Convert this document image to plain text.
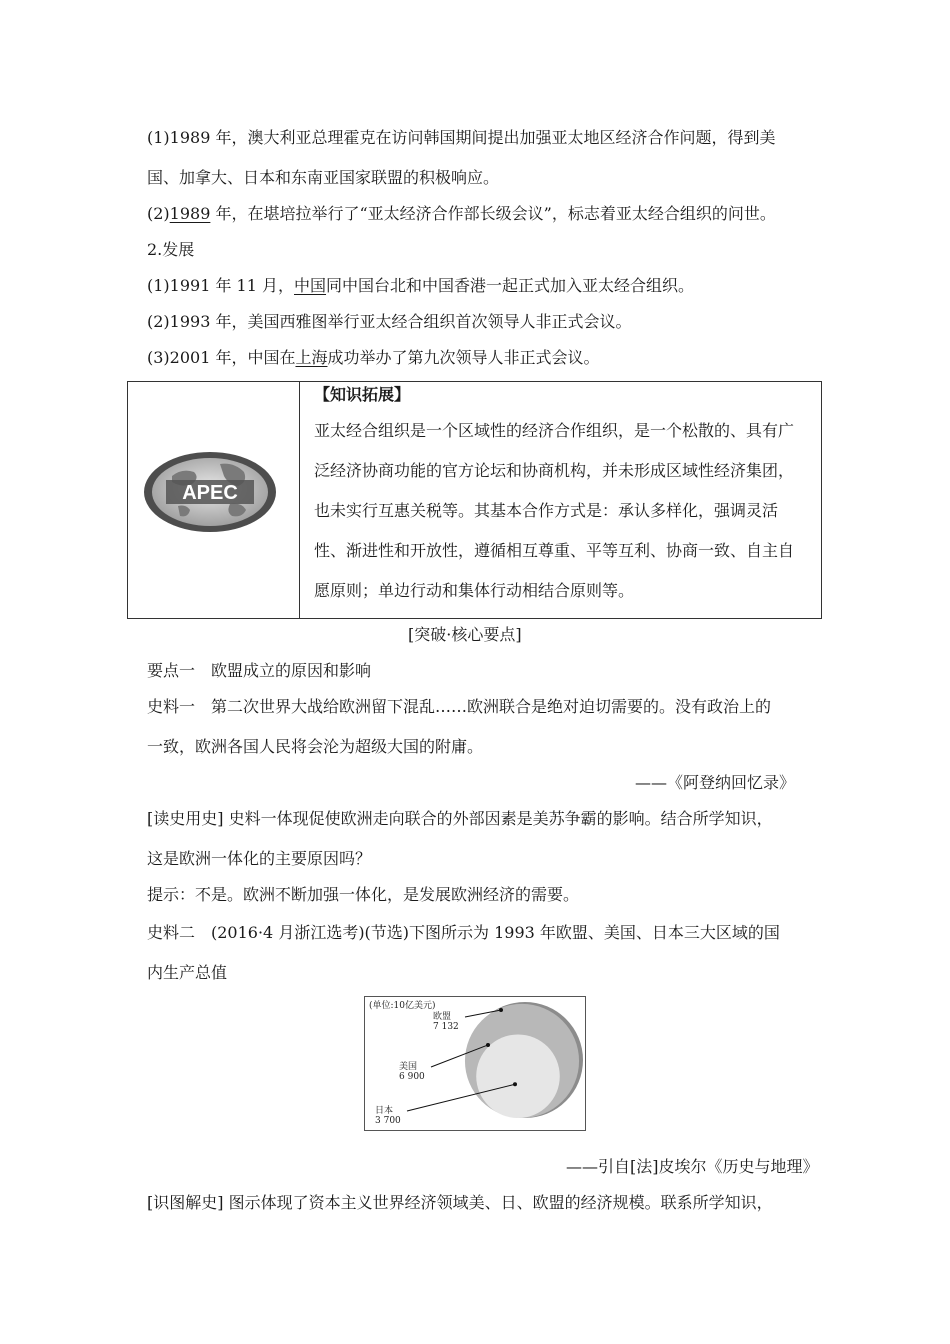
(1)1989 年，澳大利亚总理霍克在访问韩国期间提出加强亚太地区经济合作问题，得到美
国、加拿大、日本和东南亚国家联盟的积极响应。
(2)1989 年，在堪培拉举行了“亚太经济合作部长级会议”，标志着亚太经合组织的问世。
2.发展
(1)1991 年 11 月，中国同中国台北和中国香港一起正式加入亚太经合组织。
(2)1993 年，美国西雅图举行亚太经合组织首次领导人非正式会议。
(3)2001 年，中国在上海成功举办了第九次领导人非正式会议。
APEC

【知识拓展】

亚太经合组织是一个区域性的经济合作组织，是一个松散的、具有广

泛经济协商功能的官方论坛和协商机构，并未形成区域性经济集团，

也未实行互惠关税等。其基本合作方式是：承认多样化，强调灵活

性、渐进性和开放性，遵循相互尊重、平等互利、协商一致、自主自

愿原则；单边行动和集体行动相结合原则等。

[突破·核心要点]
要点一　欧盟成立的原因和影响
史料一　第二次世界大战给欧洲留下混乱……欧洲联合是绝对迫切需要的。没有政治上的
一致，欧洲各国人民将会沦为超级大国的附庸。
——《阿登纳回忆录》
[读史用史] 史料一体现促使欧洲走向联合的外部因素是美苏争霸的影响。结合所学知识，
这是欧洲一体化的主要原因吗？
提示：不是。欧洲不断加强一体化，是发展欧洲经济的需要。
史料二　(2016·4 月浙江选考)(节选)下图所示为 1993 年欧盟、美国、日本三大区域的国
内生产总值
(单位:10亿美元)
欧盟
7 132
美国
6 900
日本
3 700
——引自[法]皮埃尔《历史与地理》
[识图解史] 图示体现了资本主义世界经济领域美、日、欧盟的经济规模。联系所学知识，
